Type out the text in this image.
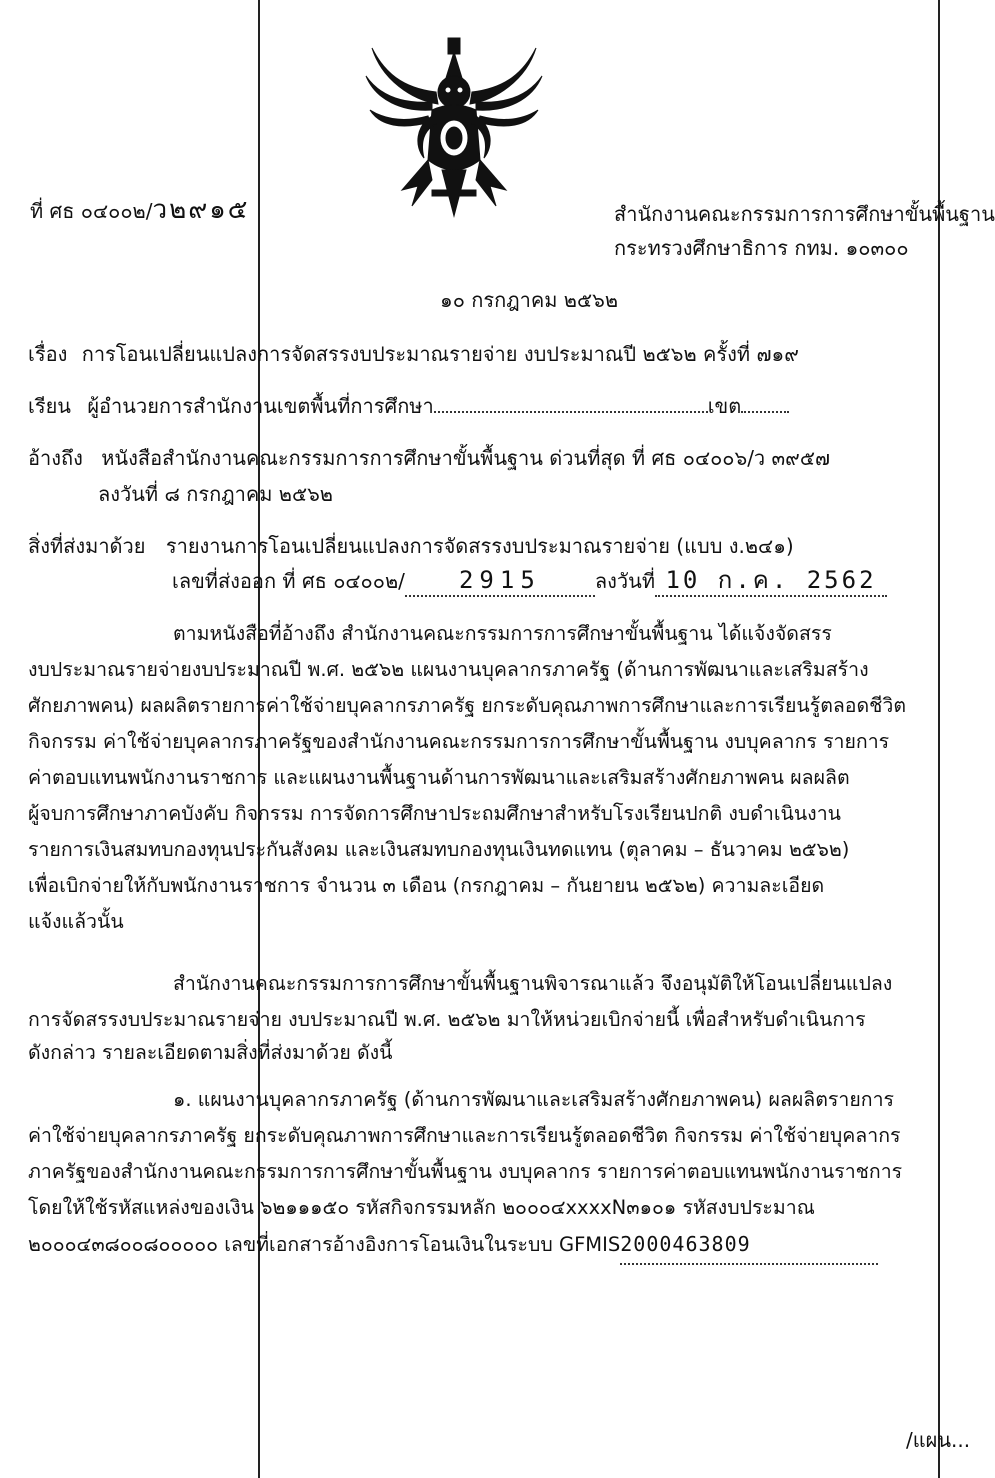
ที่ ศธ ๐๔๐๐๒/ว๒๙๑๕	สำนักงานคณะกรรมการการศึกษาขั้นพื้นฐาน
กระทรวงศึกษาธิการ กทม. ๑๐๓๐๐
๑๐ กรกฎาคม ๒๕๖๒
เรื่อง การโอนเปลี่ยนแปลงการจัดสรรงบประมาณรายจ่าย งบประมาณปี ๒๕๖๒ ครั้งที่ ๗๑๙
เรียน ผู้อำนวยการสำนักงานเขตพื้นที่การศึกษา	เขต
อ้างถึง หนังสือสำนักงานคณะกรรมการการศึกษาขั้นพื้นฐาน ด่วนที่สุด ที่ ศธ ๐๔๐๐๖/ว ๓๙๕๗
ลงวันที่ ๘ กรกฎาคม ๒๕๖๒
สิ่งที่ส่งมาด้วย รายงานการโอนเปลี่ยนแปลงการจัดสรรงบประมาณรายจ่าย (แบบ ง.๒๔๑)
เลขที่ส่งออก ที่ ศธ ๐๔๐๐๒/ 2915	ลงวันที่ 10 ก.ค. 2562
ตามหนังสือที่อ้างถึง สำนักงานคณะกรรมการการศึกษาขั้นพื้นฐาน ได้แจ้งจัดสรร
งบประมาณรายจ่ายงบประมาณปี พ.ศ. ๒๕๖๒ แผนงานบุคลากรภาครัฐ (ด้านการพัฒนาและเสริมสร้าง
ศักยภาพคน) ผลผลิตรายการค่าใช้จ่ายบุคลากรภาครัฐ ยกระดับคุณภาพการศึกษาและการเรียนรู้ตลอดชีวิต
กิจกรรม ค่าใช้จ่ายบุคลากรภาครัฐของสำนักงานคณะกรรมการการศึกษาขั้นพื้นฐาน งบบุคลากร รายการ
ค่าตอบแทนพนักงานราชการ และแผนงานพื้นฐานด้านการพัฒนาและเสริมสร้างศักยภาพคน ผลผลิต
ผู้จบการศึกษาภาคบังคับ กิจกรรม การจัดการศึกษาประถมศึกษาสำหรับโรงเรียนปกติ งบดำเนินงาน
รายการเงินสมทบกองทุนประกันสังคม และเงินสมทบกองทุนเงินทดแทน (ตุลาคม – ธันวาคม ๒๕๖๒)
เพื่อเบิกจ่ายให้กับพนักงานราชการ จำนวน ๓ เดือน (กรกฎาคม – กันยายน ๒๕๖๒) ความละเอียด
แจ้งแล้วนั้น
สำนักงานคณะกรรมการการศึกษาขั้นพื้นฐานพิจารณาแล้ว จึงอนุมัติให้โอนเปลี่ยนแปลง
การจัดสรรงบประมาณรายจ่าย งบประมาณปี พ.ศ. ๒๕๖๒ มาให้หน่วยเบิกจ่ายนี้ เพื่อสำหรับดำเนินการ
ดังกล่าว รายละเอียดตามสิ่งที่ส่งมาด้วย ดังนี้
๑. แผนงานบุคลากรภาครัฐ (ด้านการพัฒนาและเสริมสร้างศักยภาพคน) ผลผลิตรายการ
ค่าใช้จ่ายบุคลากรภาครัฐ ยกระดับคุณภาพการศึกษาและการเรียนรู้ตลอดชีวิต กิจกรรม ค่าใช้จ่ายบุคลากร
ภาครัฐของสำนักงานคณะกรรมการการศึกษาขั้นพื้นฐาน งบบุคลากร รายการค่าตอบแทนพนักงานราชการ
โดยให้ใช้รหัสแหล่งของเงิน ๖๒๑๑๑๕๐ รหัสกิจกรรมหลัก ๒๐๐๐๔xxxxN๓๑๐๑ รหัสงบประมาณ
๒๐๐๐๔๓๘๐๐๘๐๐๐๐๐ เลขที่เอกสารอ้างอิงการโอนเงินในระบบ GFMIS2000463809
/แผน...
